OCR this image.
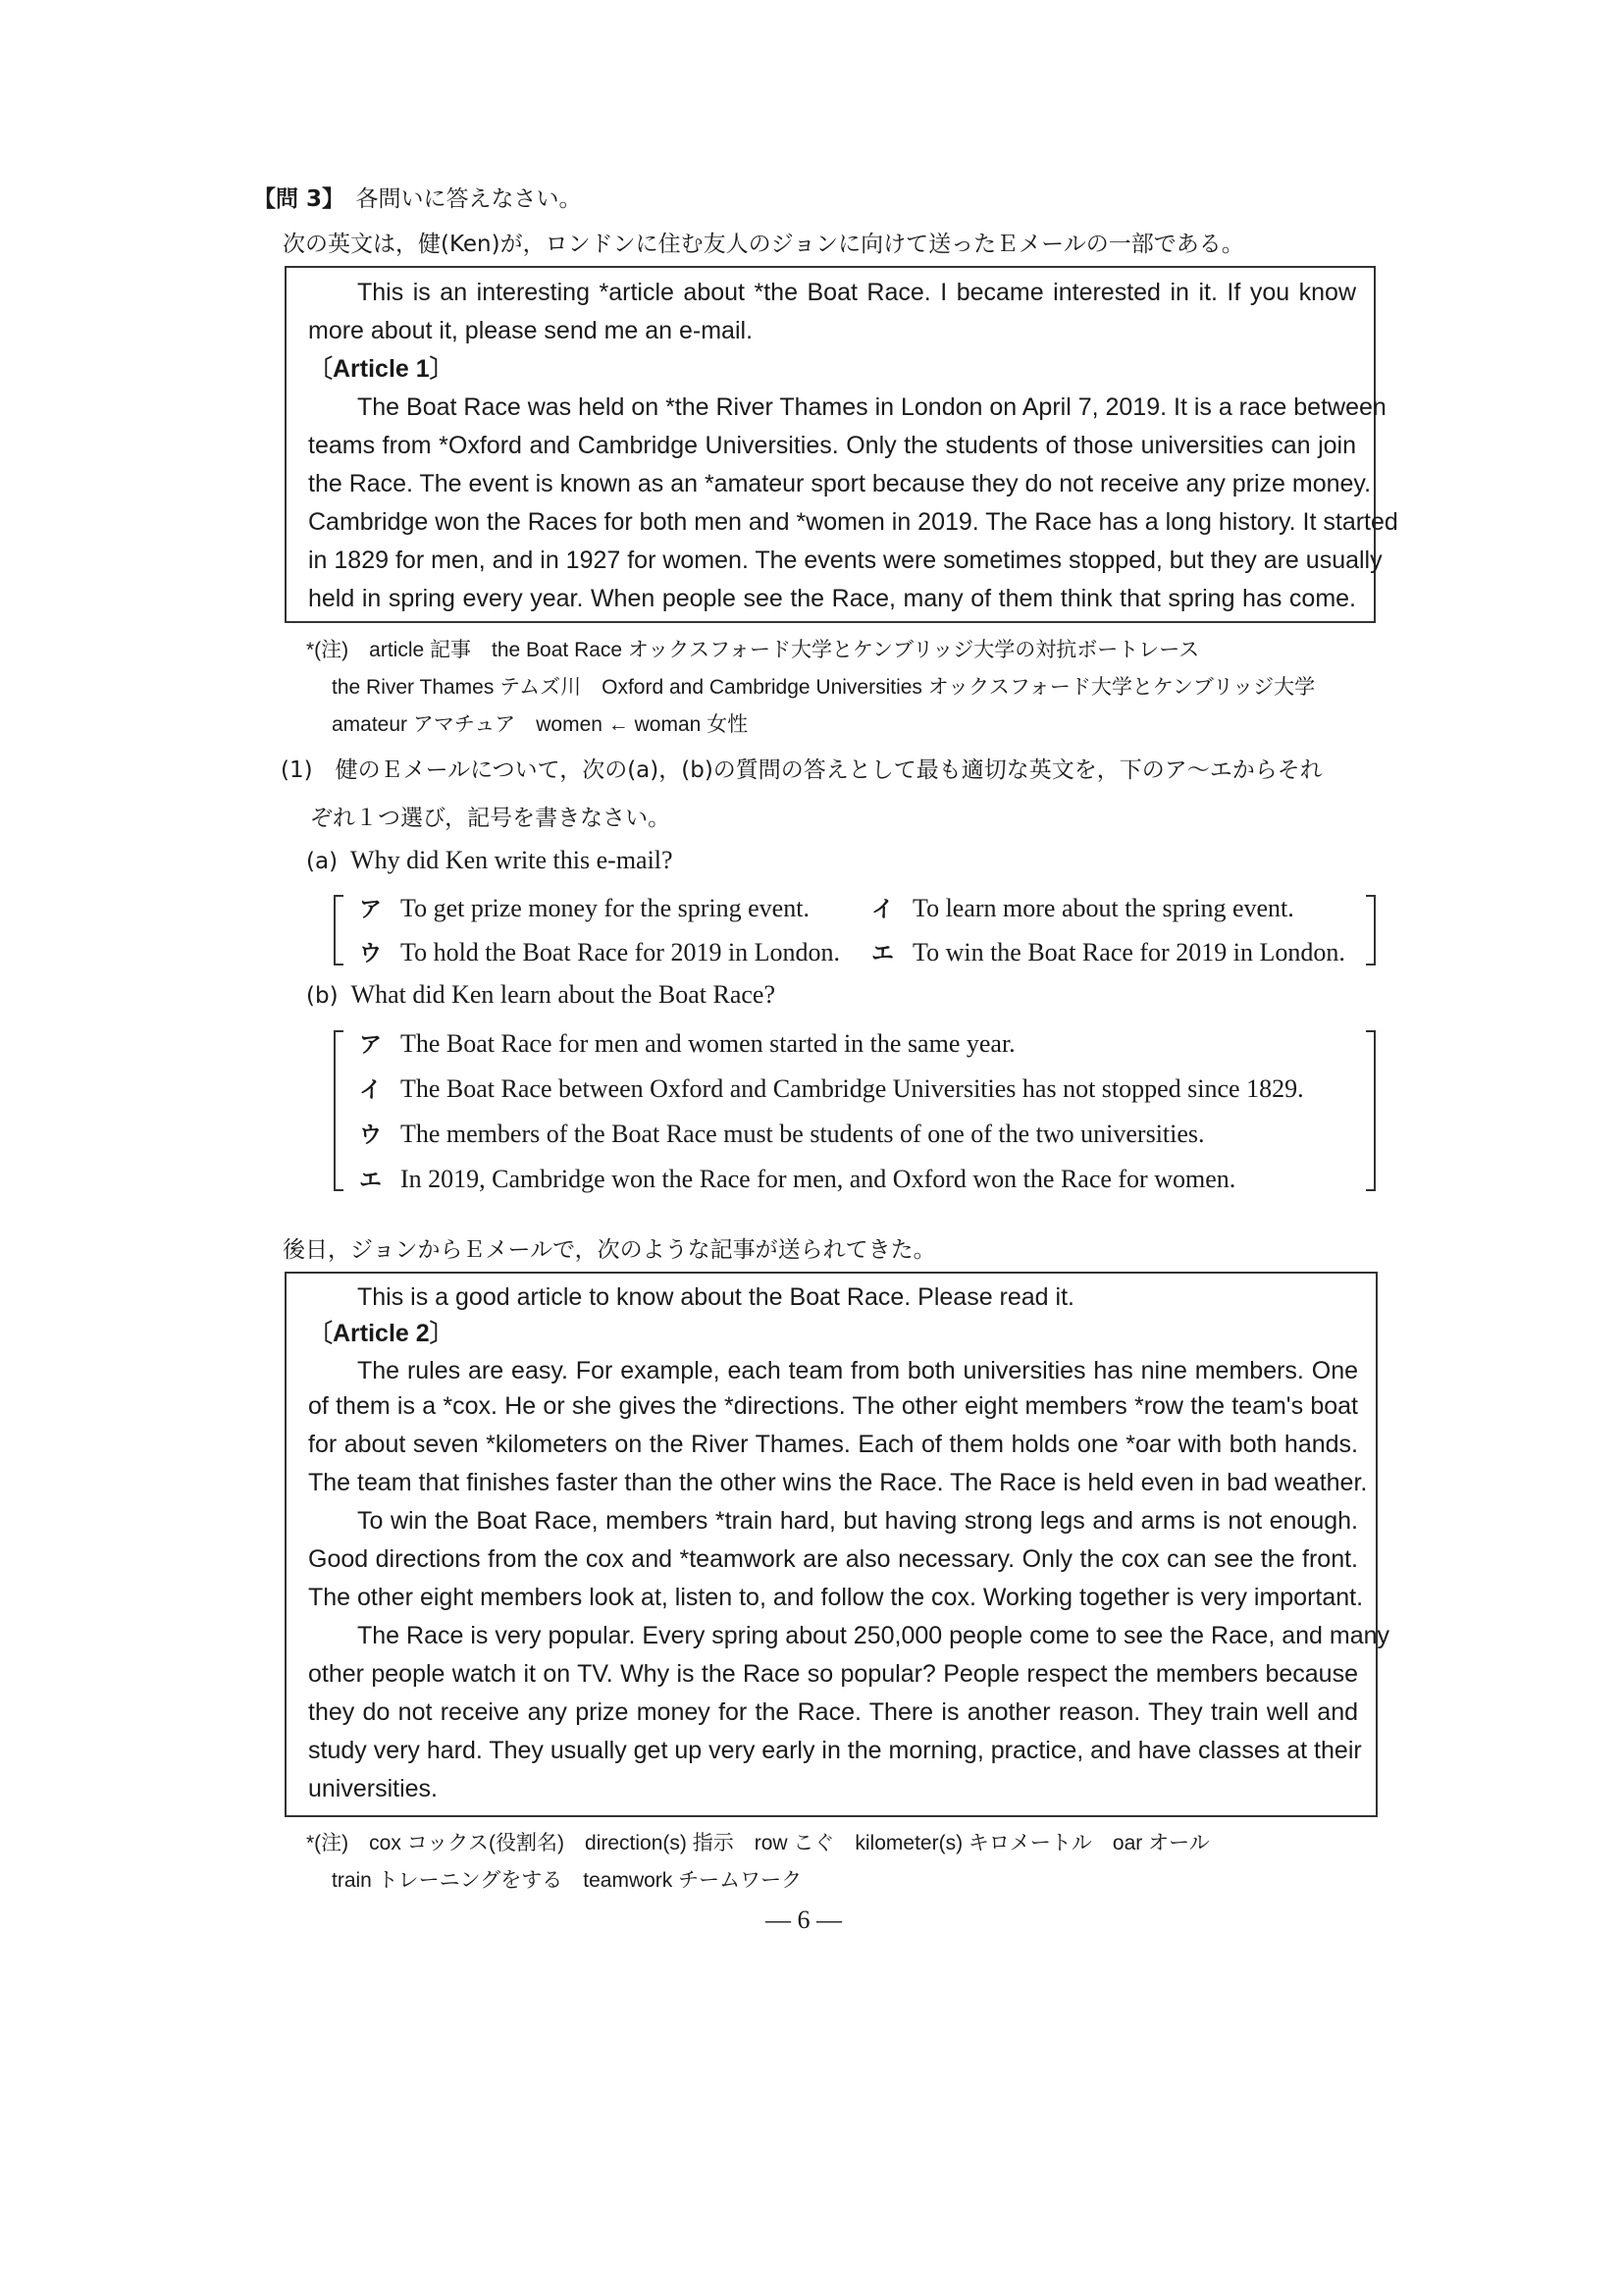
【問 3】　 各問いに答えなさい。
次の英文は，健(Ken)が，ロンドンに住む友人のジョンに向けて送ったＥメールの一部である。
This is an interesting *article about *the Boat Race. I became interested in it. If you know
more about it, please send me an e-mail.
〔Article 1〕
The Boat Race was held on *the River Thames in London on April 7, 2019. It is a race between
teams from *Oxford and Cambridge Universities. Only the students of those universities can join
the Race. The event is known as an *amateur sport because they do not receive any prize money.
Cambridge won the Races for both men and *women in 2019. The Race has a long history. It started
in 1829 for men, and in 1927 for women. The events were sometimes stopped, but they are usually
held in spring every year. When people see the Race, many of them think that spring has come.
*(注)　article 記事　the Boat Race オックスフォード大学とケンブリッジ大学の対抗ボートレース
the River Thames テムズ川　Oxford and Cambridge Universities オックスフォード大学とケンブリッジ大学
amateur アマチュア　women ← woman 女性
(1)　 健のＥメールについて，次の(a)，(b)の質問の答えとして最も適切な英文を，下のア～エからそれ
ぞれ１つ選び，記号を書きなさい。
(a) Why did Ken write this e-mail?
ア To get prize money for the spring event.	イ To learn more about the spring event.
ウ To hold the Boat Race for 2019 in London. エ To win the Boat Race for 2019 in London.
(b) What did Ken learn about the Boat Race?
ア The Boat Race for men and women started in the same year.
イ The Boat Race between Oxford and Cambridge Universities has not stopped since 1829.
ウ The members of the Boat Race must be students of one of the two universities.
エ In 2019, Cambridge won the Race for men, and Oxford won the Race for women.
後日，ジョンからＥメールで，次のような記事が送られてきた。
This is a good article to know about the Boat Race. Please read it.
〔Article 2〕
The rules are easy. For example, each team from both universities has nine members. One
of them is a *cox. He or she gives the *directions. The other eight members *row the team's boat
for about seven *kilometers on the River Thames. Each of them holds one *oar with both hands.
The team that finishes faster than the other wins the Race. The Race is held even in bad weather.
To win the Boat Race, members *train hard, but having strong legs and arms is not enough.
Good directions from the cox and *teamwork are also necessary. Only the cox can see the front.
The other eight members look at, listen to, and follow the cox. Working together is very important.
The Race is very popular. Every spring about 250,000 people come to see the Race, and many
other people watch it on TV. Why is the Race so popular? People respect the members because
they do not receive any prize money for the Race. There is another reason. They train well and
study very hard. They usually get up very early in the morning, practice, and have classes at their
universities.
*(注)　cox コックス(役割名)　direction(s) 指示　row こぐ　kilometer(s) キロメートル　oar オール
train トレーニングをする　teamwork チームワーク
— 6 —
